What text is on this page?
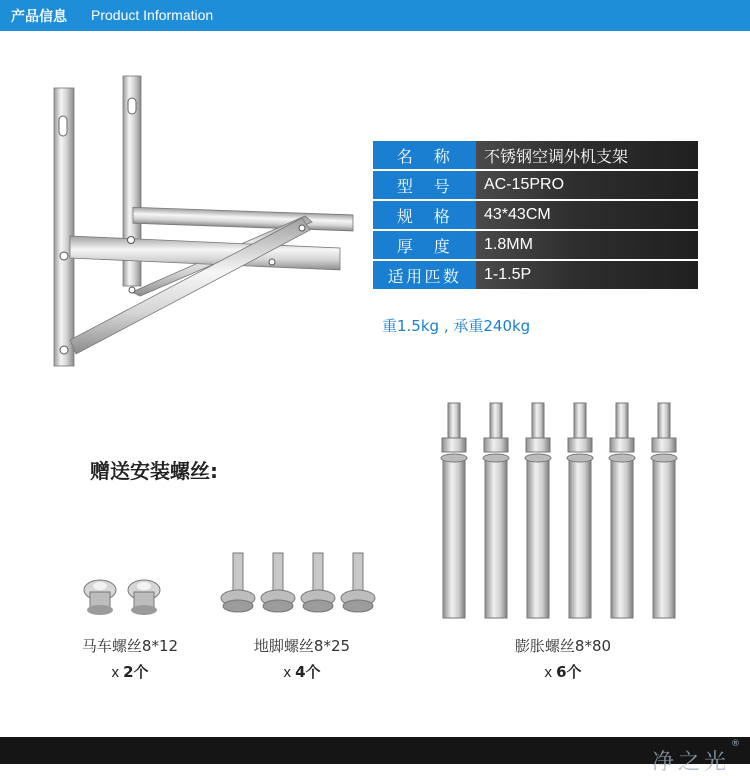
产品信息 Product Information
名　称	不锈钢空调外机支架
型　号	AC-15PRO
规　格	43*43CM
厚　度	1.8MM
适用匹数	1-1.5P
重1.5kg , 承重240kg
赠送安装螺丝:
马车螺丝8*12
x 2个
地脚螺丝8*25
x 4个
膨胀螺丝8*80
x 6个
净之光
®
